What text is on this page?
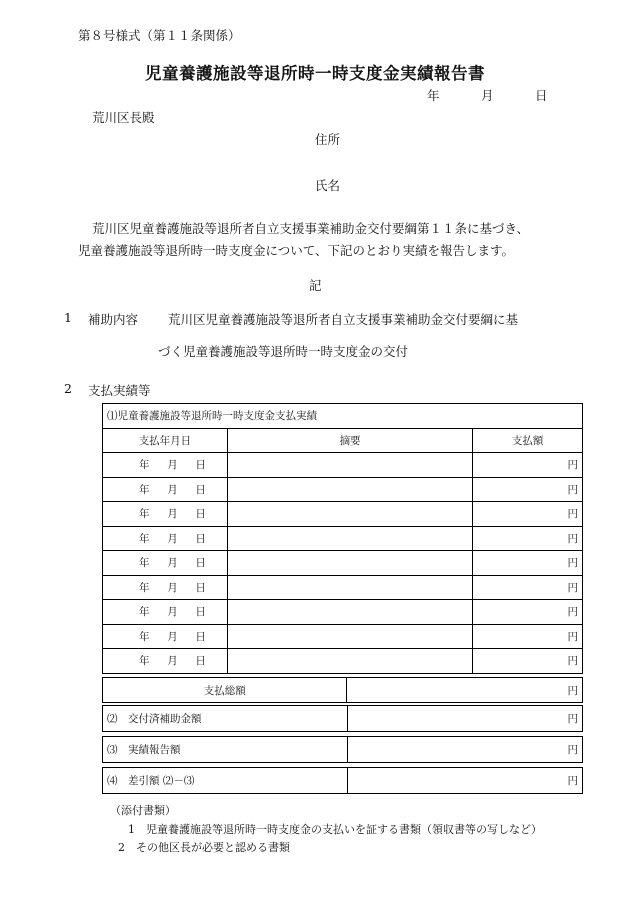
第８号様式（第１１条関係）
児童養護施設等退所時一時支度金実績報告書
年	月	日
荒川区長殿
住所
氏名
荒川区児童養護施設等退所者自立支援事業補助金交付要綱第１１条に基づき、
児童養護施設等退所時一時支度金について、下記のとおり実績を報告します。
記
1 補助内容 荒川区児童養護施設等退所者自立支援事業補助金交付要綱に基
づく児童養護施設等退所時一時支度金の交付
2 支払実績等
⑴児童養護施設等退所時一時支度金支払実績		
支払年月日	摘要	支払額

年 月 日		円

年 月 日		円

年 月 日		円

年 月 日		円

年 月 日		円

年 月 日		円

年 月 日		円

年 月 日		円

年 月 日		円
支払総額	円
⑵　交付済補助金額	円
⑶　実績報告額	円
⑷　差引額 ⑵－⑶	円
（添付書類）
1　児童養護施設等退所時一時支度金の支払いを証する書類（領収書等の写しなど）
2　その他区長が必要と認める書類
